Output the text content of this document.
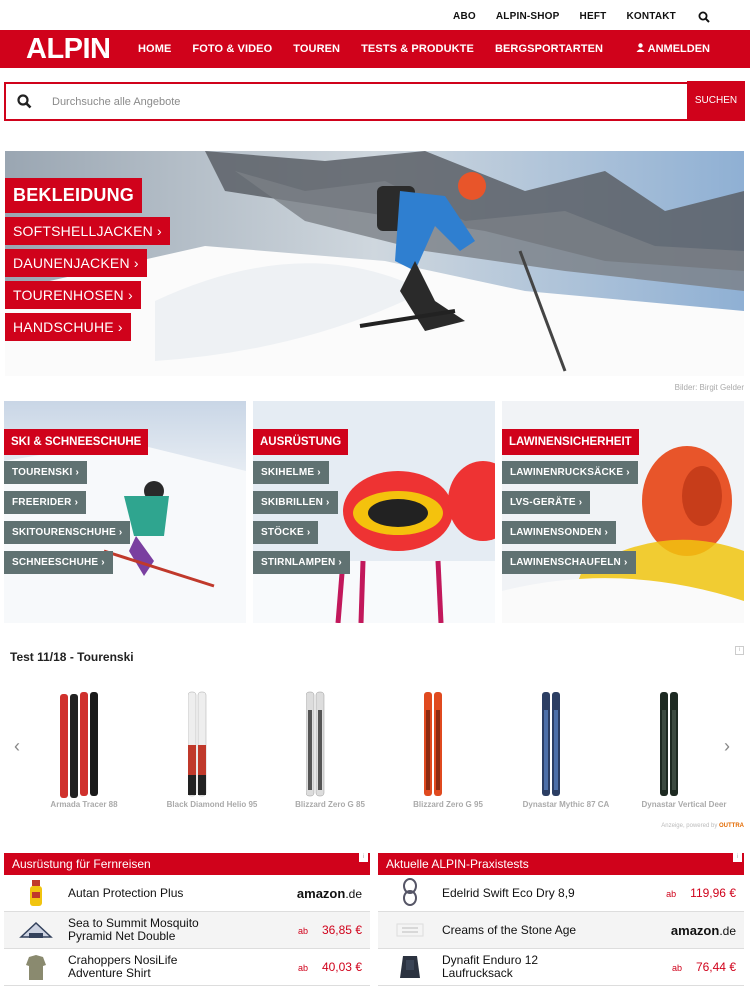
ABO ALPIN-SHOP HEFT KONTAKT
ALPIN	HOME FOTO & VIDEO TOUREN TESTS & PRODUKTE BERGSPORTARTEN	ANMELDEN
Durchsuche alle Angebote
SUCHEN
BEKLEIDUNG
SOFTSHELLJACKEN ›
DAUNENJACKEN ›
TOURENHOSEN ›
HANDSCHUHE ›
Bilder: Birgit Gelder
SKI & SCHNEESCHUHE
TOURENSKI ›
FREERIDER ›
SKITOURENSCHUHE ›
SCHNEESCHUHE ›
AUSRÜSTUNG
SKIHELME ›
SKIBRILLEN ›
STÖCKE ›
STIRNLAMPEN ›
LAWINENSICHERHEIT
LAWINENRUCKSÄCKE ›
LVS-GERÄTE ›
LAWINENSONDEN ›
LAWINENSCHAUFELN ›
Test 11/18 - Tourenski	i
‹	›
Armada Tracer 88	Black Diamond Helio 95	Blizzard Zero G 85	Blizzard Zero G 95	Dynastar Mythic 87 CA	Dynastar Vertical Deer
Anzeige, powered by OUTTRA
Ausrüstung für Fernreisen	i
Autan Protection Plus	amazon.de
Sea to Summit Mosquito Pyramid Net Double	ab 36,85 €
Crahoppers NosiLife Adventure Shirt	ab 40,03 €
Aktuelle ALPIN-Praxistests	i
Edelrid Swift Eco Dry 8,9	ab 119,96 €
Creams of the Stone Age	amazon.de
Dynafit Enduro 12 Laufrucksack	ab 76,44 €
